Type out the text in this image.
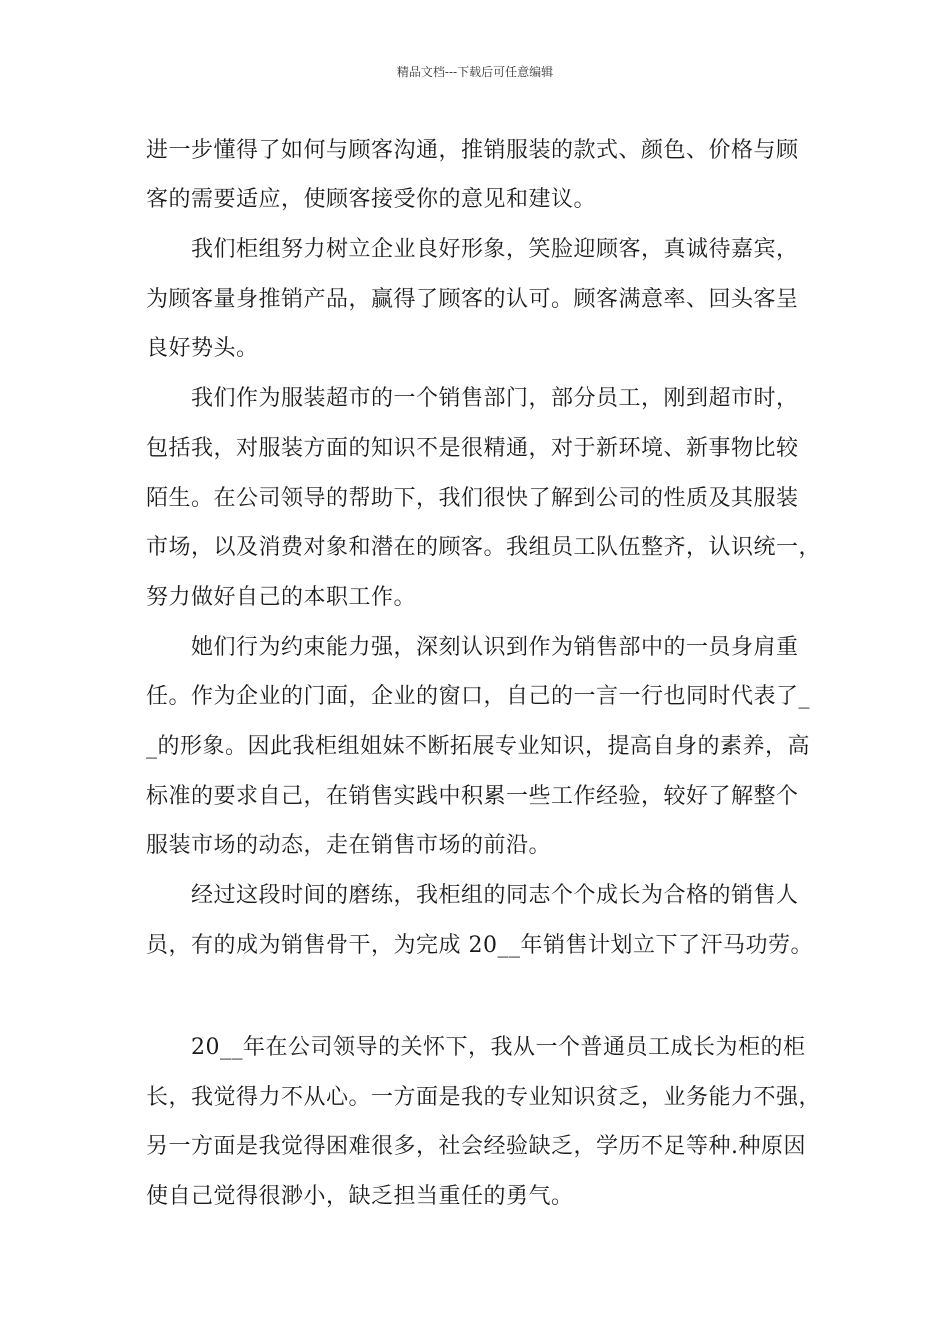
精品文档---下载后可任意编辑
进一步懂得了如何与顾客沟通，推销服装的款式、颜色、价格与顾
客的需要适应，使顾客接受你的意见和建议。
我们柜组努力树立企业良好形象，笑脸迎顾客，真诚待嘉宾，
为顾客量身推销产品，赢得了顾客的认可。顾客满意率、回头客呈
良好势头。
我们作为服装超市的一个销售部门，部分员工，刚到超市时，
包括我，对服装方面的知识不是很精通，对于新环境、新事物比较
陌生。在公司领导的帮助下，我们很快了解到公司的性质及其服装
市场，以及消费对象和潜在的顾客。我组员工队伍整齐，认识统一，
努力做好自己的本职工作。
她们行为约束能力强，深刻认识到作为销售部中的一员身肩重
任。作为企业的门面，企业的窗口，自己的一言一行也同时代表了_
_的形象。因此我柜组姐妹不断拓展专业知识，提高自身的素养，高
标准的要求自己，在销售实践中积累一些工作经验，较好了解整个
服装市场的动态，走在销售市场的前沿。
经过这段时间的磨练，我柜组的同志个个成长为合格的销售人
员，有的成为销售骨干，为完成 20__年销售计划立下了汗马功劳。
20__年在公司领导的关怀下，我从一个普通员工成长为柜的柜
长，我觉得力不从心。一方面是我的专业知识贫乏，业务能力不强，
另一方面是我觉得困难很多，社会经验缺乏，学历不足等种.种原因
使自己觉得很渺小，缺乏担当重任的勇气。
